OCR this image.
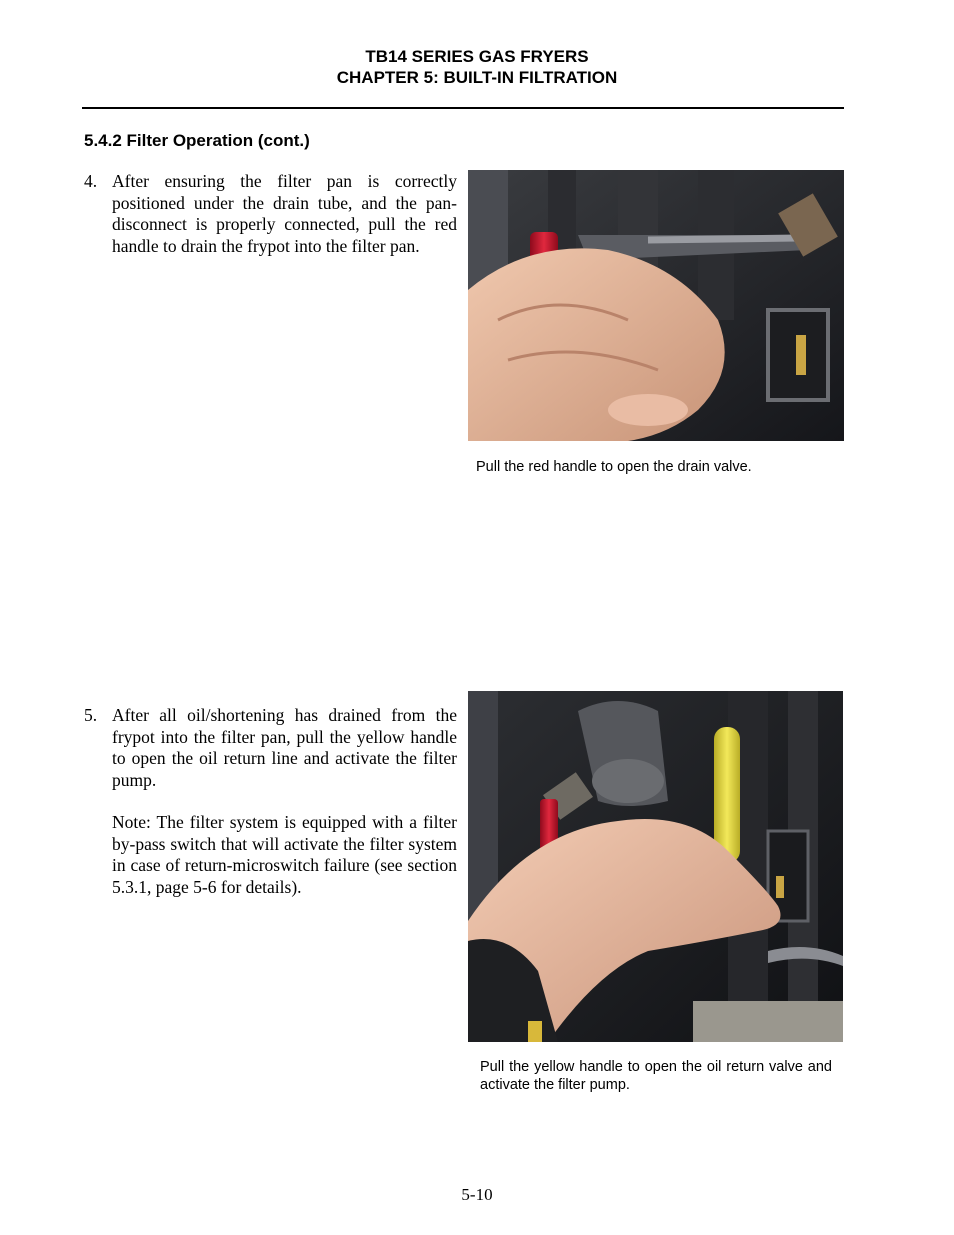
TB14 SERIES GAS FRYERS
CHAPTER 5: BUILT-IN FILTRATION
5.4.2 Filter Operation (cont.)
4. After ensuring the filter pan is correctly positioned under the drain tube, and the pan-disconnect is properly connected, pull the red handle to drain the frypot into the filter pan.
Pull the red handle to open the drain valve.
5. After all oil/shortening has drained from the frypot into the filter pan, pull the yellow handle to open the oil return line and activate the filter pump.
Note: The filter system is equipped with a filter by-pass switch that will activate the filter system in case of return-microswitch failure (see section 5.3.1, page 5-6 for details).
Pull the yellow handle to open the oil return valve and activate the filter pump.
5-10
